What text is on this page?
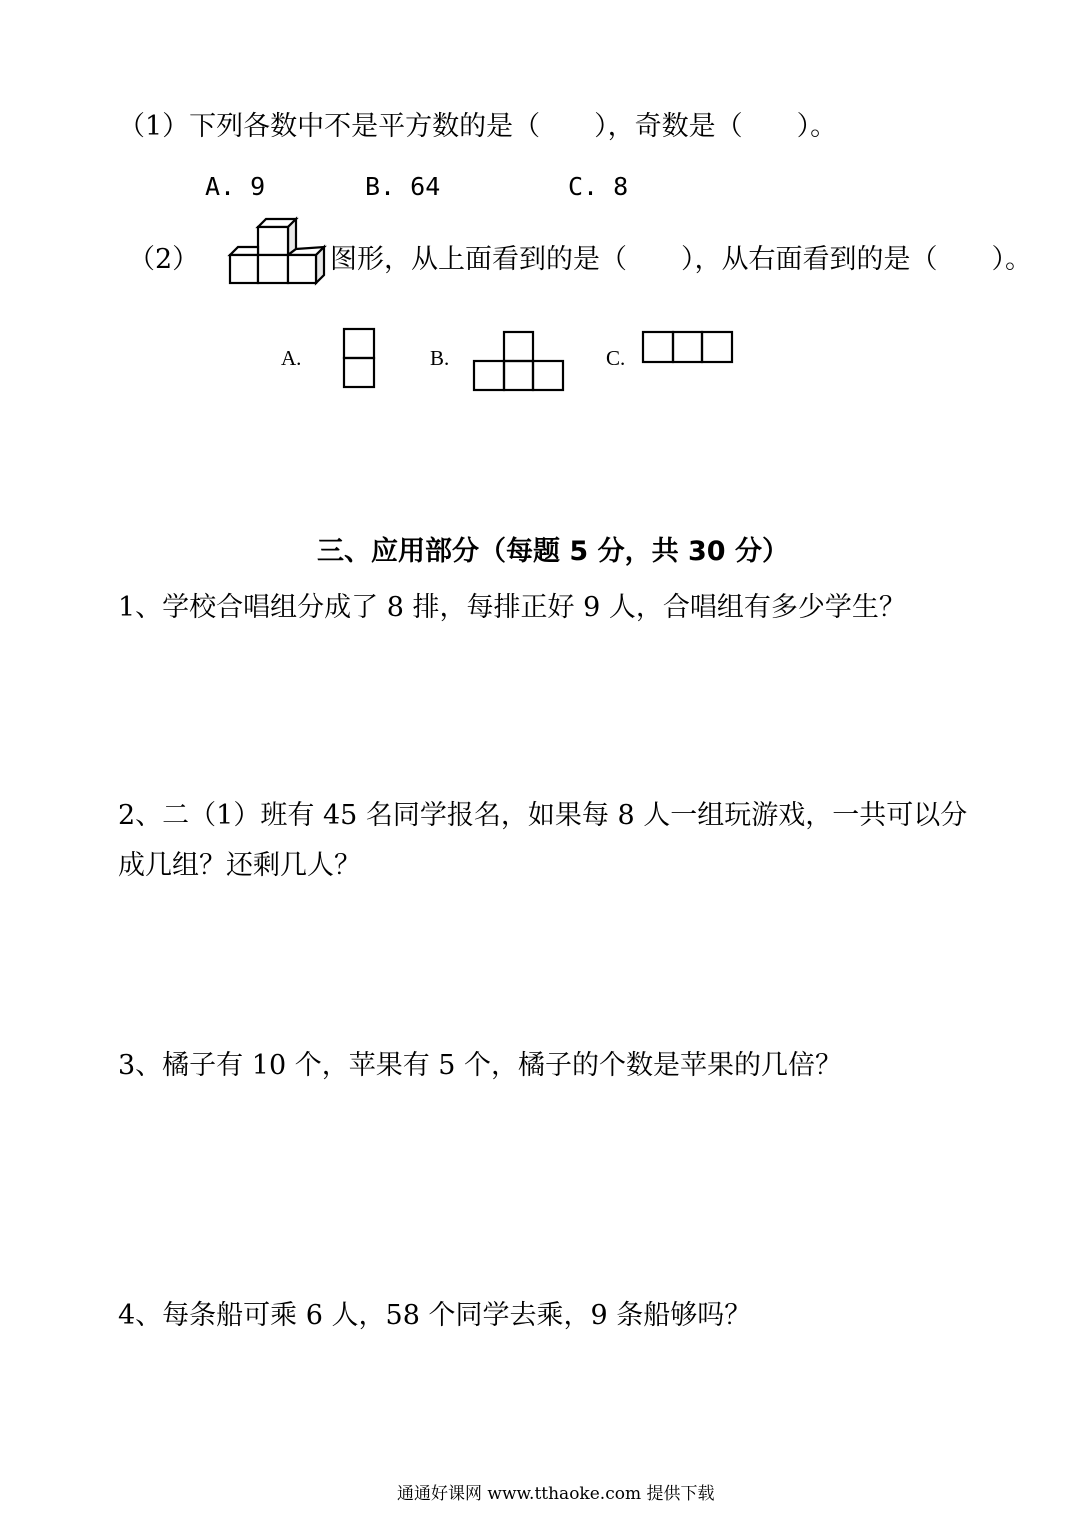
（1）下列各数中不是平方数的是（　　），奇数是（　　）。
A. 9	B. 64	C. 8
（2）	图形，从上面看到的是（　　），从右面看到的是（　　）。
A.	B.	C.
三、应用部分（每题 5 分，共 30 分）
1、学校合唱组分成了 8 排，每排正好 9 人，合唱组有多少学生？
2、二（1）班有 45 名同学报名，如果每 8 人一组玩游戏，一共可以分
成几组？还剩几人？
3、橘子有 10 个，苹果有 5 个，橘子的个数是苹果的几倍？
4、每条船可乘 6 人，58 个同学去乘，9 条船够吗？
通通好课网 www.tthaoke.com 提供下载
